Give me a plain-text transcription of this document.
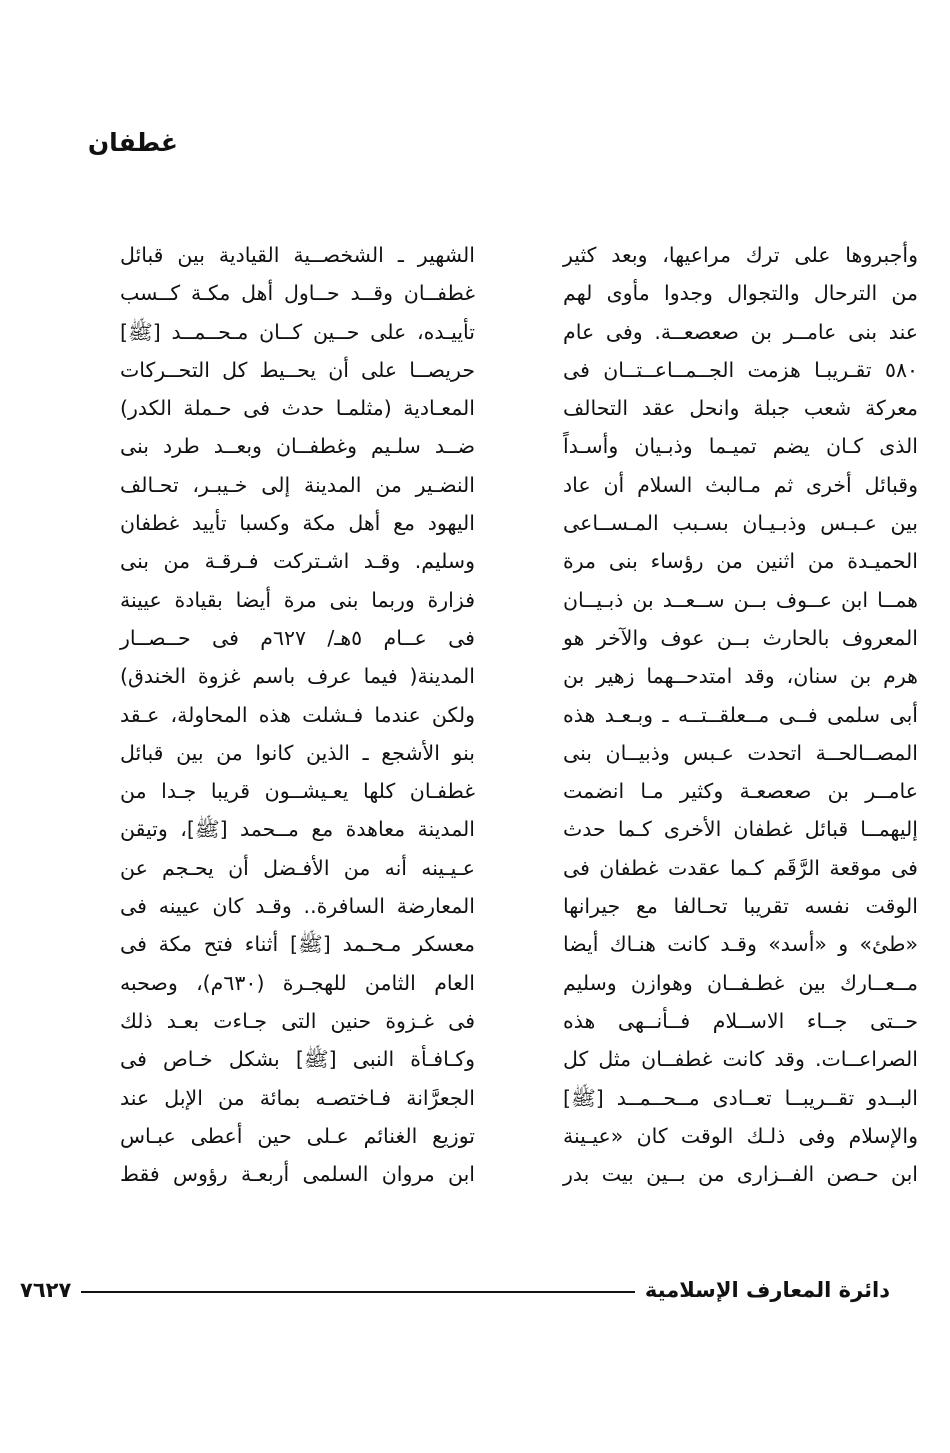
غطفان
وأجبروها على ترك مراعيها، وبعد كثير
من الترحال والتجوال وجدوا مأوى لهم
عند بنى عامــر بن صعصعــة. وفى عام
٥٨٠ تقـريبـا هزمت الجــمــاعــتــان فى
معركة شعب جبلة وانحل عقد التحالف
الذى كـان يضم تميـما وذبـيان وأسـداً
وقبائل أخرى ثم مـالبث السلام أن عاد
بين عـبـس وذبـيـان بسـبب المـســاعى
الحميـدة من اثنين من رؤساء بنى مرة
همــا ابن عــوف بــن ســعــد بن ذبـيــان
المعروف بالحارث بــن عوف والآخر هو
هرم بن سنان، وقد امتدحــهما زهير بن
أبى سلمى فــى مــعلقــتــه ـ وبـعـد هذه
المصــالحــة اتحدت عـبس وذبيــان بنى
عامــر بن صعصعـة وكثير مـا انضمت
إليهمــا قبائل غطفان الأخرى كـما حدث
فى موقعة الرَّقَم كـما عقدت غطفان فى
الوقت نفسه تقريبا تحـالفا مع جيرانها
«طئ» و «أسد» وقـد كانت هنـاك أيضا
مــعــارك بين غطـفــان وهوازن وسليم
حــتى جــاء الاســلام فــأنــهى هذه
الصراعــات. وقد كانت غطفــان مثل كل
البــدو تقــريبــا تعــادى مــحــمــد [ﷺ]
والإسلام وفى ذلـك الوقت كان «عيـينة
ابن حـصن الفــزارى من بــين بيت بدر
الشهير ـ الشخصــية القيادية بين قبائل
غطفــان وقــد حــاول أهل مكـة كــسب
تأييـده، على حــين كــان مـحــمــد [ﷺ]
حريصــا على أن يحــيط كل التحــركات
المعـادية (مثلمـا حدث فى حـملة الكدر)
ضــد سلـيم وغطفــان وبعــد طرد بنى
النضـير من المدينة إلى خـيبـر، تحـالف
اليهود مع أهل مكة وكسبا تأييد غطفان
وسليم. وقـد اشـتركت فـرقـة من بنى
فزارة وربما بنى مرة أيضا بقيادة عيينة
فى عــام ٥هـ/ ٦٢٧م فى حــصــار
المدينة( فيما عرف باسم غزوة الخندق)
ولكن عندما فـشلت هذه المحاولة، عـقد
بنو الأشجع ـ الذين كانوا من بين قبائل
غطفـان كلها يعـيشــون قريبا جـدا من
المدينة معاهدة مع مــحمد [ﷺ]، وتيقن
عـيـينه أنه من الأفـضل أن يحـجم عن
المعارضة السافرة.. وقـد كان عيينه فى
معسكر مـحـمد [ﷺ] أثناء فتح مكة فى
العام الثامن للهجـرة (٦٣٠م)، وصحبه
فى غـزوة حنين التى جـاءت بعـد ذلك
وكـافـأة النبى [ﷺ] بشكل خـاص فى
الجعرَّانة فـاختصـه بمائة من الإبل عند
توزيع الغنائم عـلى حين أعطى عبـاس
ابن مروان السلمى أربعـة رؤوس فقط
دائرة المعارف الإسلامية
٧٦٢٧
